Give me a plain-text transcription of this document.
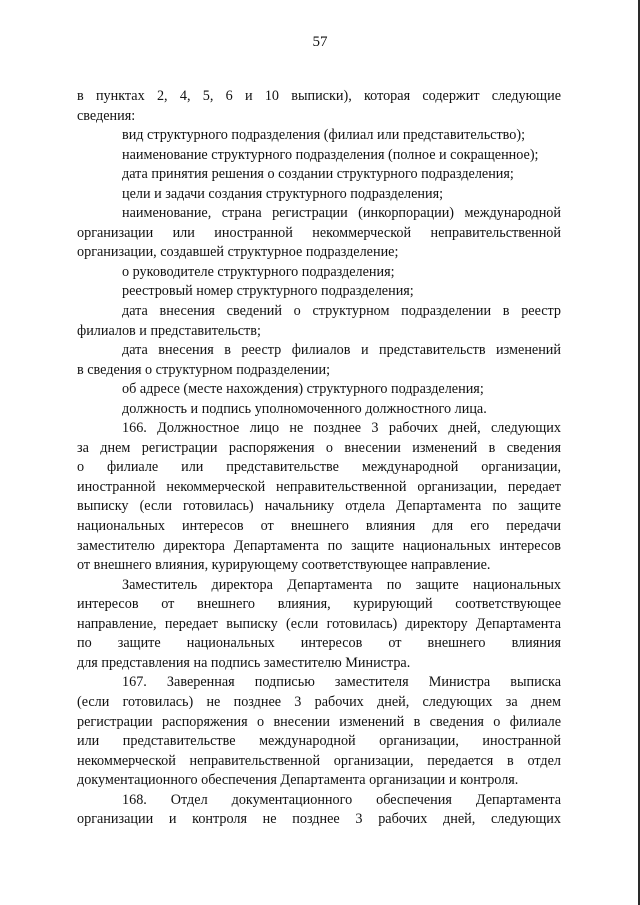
57
в пунктах 2, 4, 5, 6 и 10 выписки), которая содержит следующие
сведения:
вид структурного подразделения (филиал или представительство);
наименование структурного подразделения (полное и сокращенное);
дата принятия решения о создании структурного подразделения;
цели и задачи создания структурного подразделения;
наименование, страна регистрации (инкорпорации) международной
организации или иностранной некоммерческой неправительственной
организации, создавшей структурное подразделение;
о руководителе структурного подразделения;
реестровый номер структурного подразделения;
дата внесения сведений о структурном подразделении в реестр
филиалов и представительств;
дата внесения в реестр филиалов и представительств изменений
в сведения о структурном подразделении;
об адресе (месте нахождения) структурного подразделения;
должность и подпись уполномоченного должностного лица.
166. Должностное лицо не позднее 3 рабочих дней, следующих
за днем регистрации распоряжения о внесении изменений в сведения
о филиале или представительстве международной организации,
иностранной некоммерческой неправительственной организации, передает
выписку (если готовилась) начальнику отдела Департамента по защите
национальных интересов от внешнего влияния для его передачи
заместителю директора Департамента по защите национальных интересов
от внешнего влияния, курирующему соответствующее направление.
Заместитель директора Департамента по защите национальных
интересов от внешнего влияния, курирующий соответствующее
направление, передает выписку (если готовилась) директору Департамента
по защите национальных интересов от внешнего влияния
для представления на подпись заместителю Министра.
167. Заверенная подписью заместителя Министра выписка
(если готовилась) не позднее 3 рабочих дней, следующих за днем
регистрации распоряжения о внесении изменений в сведения о филиале
или представительстве международной организации, иностранной
некоммерческой неправительственной организации, передается в отдел
документационного обеспечения Департамента организации и контроля.
168. Отдел документационного обеспечения Департамента
организации и контроля не позднее 3 рабочих дней, следующих
